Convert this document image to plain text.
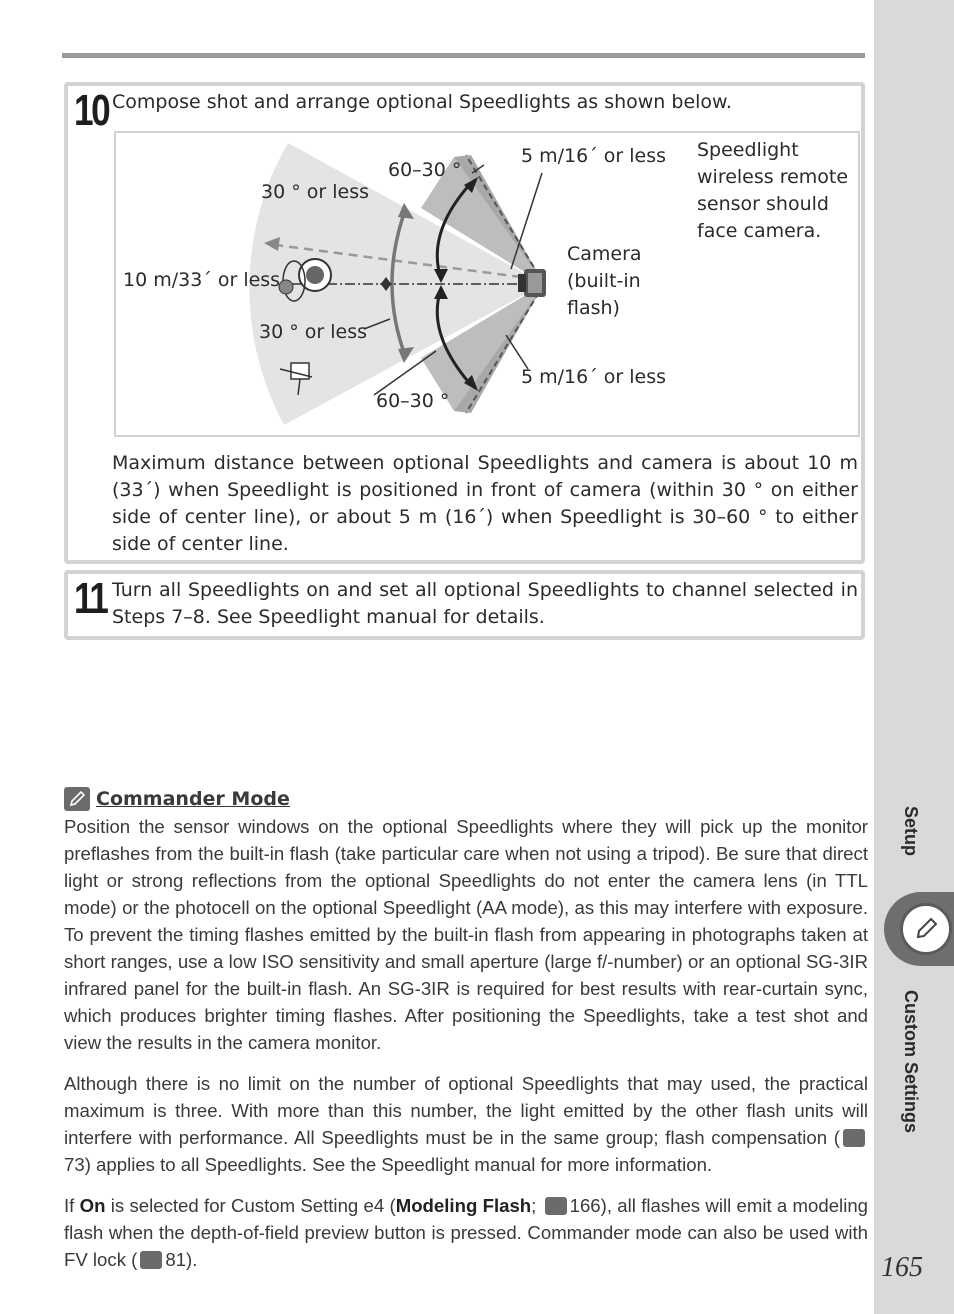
10 Compose shot and arrange optional Speedlights as shown below.
60–30 °
5 m/16´ or less
30 ° or less
10 m/33´ or less
30 ° or less
60–30 °
5 m/16´ or less
Camera
(built-in
flash)
Speedlight
wireless remote
sensor should
face camera.
Maximum distance between optional Speedlights and camera is about 10 m (33´) when Speedlight is positioned in front of camera (within 30 ° on either side of center line), or about 5 m (16´) when Speedlight is 30–60 ° to either side of center line.
11 Turn all Speedlights on and set all optional Speedlights to channel selected in Steps 7–8. See Speedlight manual for details.
Commander Mode

Position the sensor windows on the optional Speedlights where they will pick up the monitor preflashes from the built-in flash (take particular care when not using a tripod). Be sure that direct light or strong reflections from the optional Speedlights do not enter the camera lens (in TTL mode) or the photocell on the optional Speedlight (AA mode), as this may interfere with exposure. To prevent the timing flashes emitted by the built-in flash from appearing in photographs taken at short ranges, use a low ISO sensitivity and small aperture (large f/-number) or an optional SG-3IR infrared panel for the built-in flash. An SG-3IR is required for best results with rear-curtain sync, which produces brighter timing flashes. After positioning the Speedlights, take a test shot and view the results in the camera monitor.

Although there is no limit on the number of optional Speedlights that may used, the practical maximum is three. With more than this number, the light emitted by the other flash units will interfere with performance. All Speedlights must be in the same group; flash compensation (73) applies to all Speedlights. See the Speedlight manual for more information.

If On is selected for Custom Setting e4 (Modeling Flash; 166), all flashes will emit a modeling flash when the depth-of-field preview button is pressed. Commander mode can also be used with FV lock ( 81).

Setup
Custom Settings
165
